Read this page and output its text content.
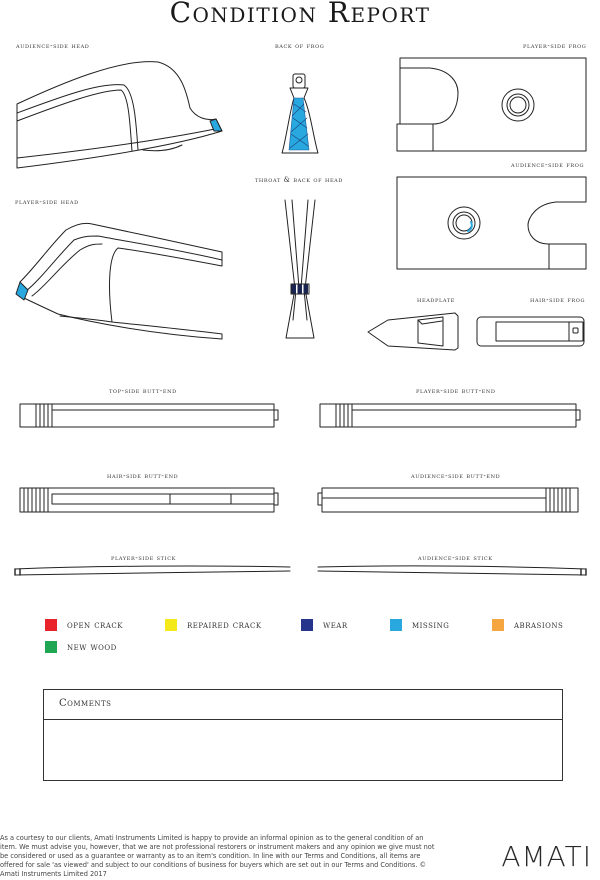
Condition Report
audience-side head	back of frog	player-side frog
throat & back of head
audience-side frog
player-side head
headplate	hair-side frog
top-side butt-end	player-side butt-end
hair-side butt-end	audience-side butt-end
player-side stick	audience-side stick
open crack	repaired crack	wear	missing	abrasions
new wood
Comments
As a courtesy to our clients, Amati Instruments Limited is happy to provide an informal opinion as to the general condition of an item. We must advise you, however, that we are not professional restorers or instrument makers and any opinion we give must not be considered or used as a guarantee or warranty as to an item's condition. In line with our Terms and Conditions, all items are offered for sale 'as viewed' and subject to our conditions of business for buyers which are set out in our Terms and Conditions. © Amati Instruments Limited 2017
AMATI
